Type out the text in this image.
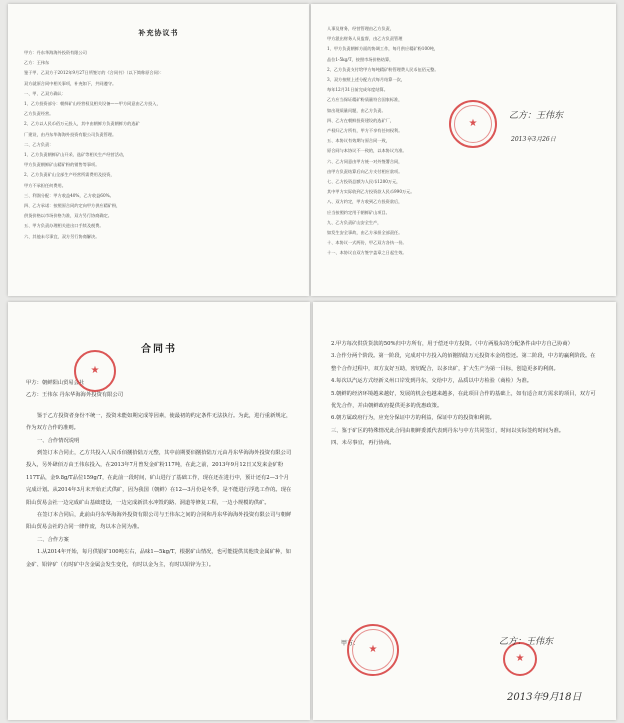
补充协议书

甲方：丹东华海海外投资有限公司

乙方：王伟东

鉴于甲、乙双方于2012年9月27日所签订的《合同书》（以下简称原合同）：

双方就原合同中相关事项，补充如下，共同遵守。

一、甲、乙双方确认：

1、乙方投资部分：朝鲜矿山经营权及相关设备——甲方同意由乙方投入，

乙方负责经营。

2、乙方以人民币佰万元投入，其中由朝鲜方负责朝鲜方的选矿

厂建设，由丹东华海海外投资有限公司负责管理。

二、乙方负责：

1、乙方负责朝鲜矿山开采、选矿等相关生产经营活动，

甲方负责朝鲜矿山精矿粉的销售等事项。

2、乙方负责矿山全部生产经营所需费用及投资，

甲方不承担任何费用。

三、利润分配：甲方收益40%，乙方收益60%。

四、乙方承诺：按照原合同约定向甲方供应精矿粉，

供货价格以市场价格为准，双方另行协商确定。

五、甲方负责办理相关进出口手续及税费。

六、其他未尽事宜，双方另行协商解决。

人事及财务，经营管理由乙方负责，

甲方派出财务人员监督，由乙方负责管理

1、甲方负责朝鲜方面的协调工作，每月供应精矿粉100吨，

品位1-5kg/T，按照市场价格结算，

2、乙方负责支付给甲方每吨精矿粉管理费人民币伍佰元整。

3、双方按照上述分配方式每月结算一次，

每年12月31日前完成年度结算。

乙方应当保证精矿粉质量符合国家标准，

如出现质量问题，由乙方负责。

四、乙方在朝鲜投资建设的选矿厂，

产权归乙方所有，甲方不享有任何权利。

五、本协议有效期与原合同一致，

原合同与本协议不一致的，以本协议为准。

六、乙方同意由甲方统一对外签署合同，

由甲方负责结算后向乙方支付相应款项。

七、乙方投资总额为人民币1200万元，

其中甲方实际收到乙方投资款人民币990万元。

八、双方约定，甲方收到乙方投资款后，

应当按照约定用于朝鲜矿山项目。

九、乙方负责矿山安全生产，

如发生安全事故，由乙方承担全部责任。

十、本协议一式两份，甲乙双方各执一份。

十一、本协议自双方签字盖章之日起生效。

★
乙方：王伟东
2013年3月26日
合同书

甲方：朝鲜阳山贸易会社

乙方：王伟东 丹东华海海外投资有限公司

鉴于乙方投资者身份不统一，投资未能如期完成等因素，使最初的约定条件无法执行。为此，进行重新规定，作为双方合作的准则。

一、合作情况说明

到签订本合同止，乙方共投入人民币佰捌拾陆万元整，其中前期要佰捌拾陆万元由丹东华海海外投资有限公司投入，另外肆佰万由王伟东投入，在2013年7月曾发金矿粉117吨，在此之前，2013年9月12日又发来金矿粉117T品，金9.8g/T品位159g/T，在此前一段时间，矿山进行了基础工作，现在还在进行中，预计还有2—3个月完成计划。从2014年3月末开始正式供矿，因为我国（朝鲜）在12—3月份是冬季，是不能进行浮选工作的。现在阳山贸易会社一边完成矿山基础建设，一边完成新洪水冲毁的路、洞道等修复工程，一边小规模的供矿。

在签订本合同后，此前由丹东华海海外投资有限公司与王伟东之间的合同和丹东华海海外投资有限公司与朝鲜阳山贸易会社的合同一律作废，均以本合同为准。

二、合作方案

1.从2014年开始，每月供银矿100吨左右，品味1—5kg/T，根据矿山情况，也可能提供其他贵金属矿种，如金矿、铅锌矿（有时矿中含金属会发生变化，有时以金为主，有时以铅锌为主）。

★

2.甲方每次供货货款的50%归中方所有，用于偿还中方投资。（中方两股东的分配条件由中方自己协商）

3.合作分两个阶段。第一阶段，完成对中方投入的佰捌拾陆万元投资本金的偿还。第二阶段，中方的赢利阶段。在整个合作过程中，双方友好互助，密切配合，以多出矿，扩大生产为第一目标，创造更多的利润。

4.每次以汽运方式经新义州口岸发到丹东，交给中方，品质以中方检验（商检）为准。

5.朝鲜的经济环境越来越好，发展的机会也越来越多，在此项目合作的基础上，如有适合双方需求的项目，双方可优先合作，并由朝鲜政府提供更多的优惠政策。

6.朝方属政府行为，应充分保证中方的利益，保证中方的投资和利润。

三、鉴于矿区的特殊情况此合同由朝鲜委派代表到丹东与中方共同签订，时间以实际签约时间为准。

四、未尽事宜，再行协商。

甲方： ★ ★	乙方：王伟东
2013年9月18日
